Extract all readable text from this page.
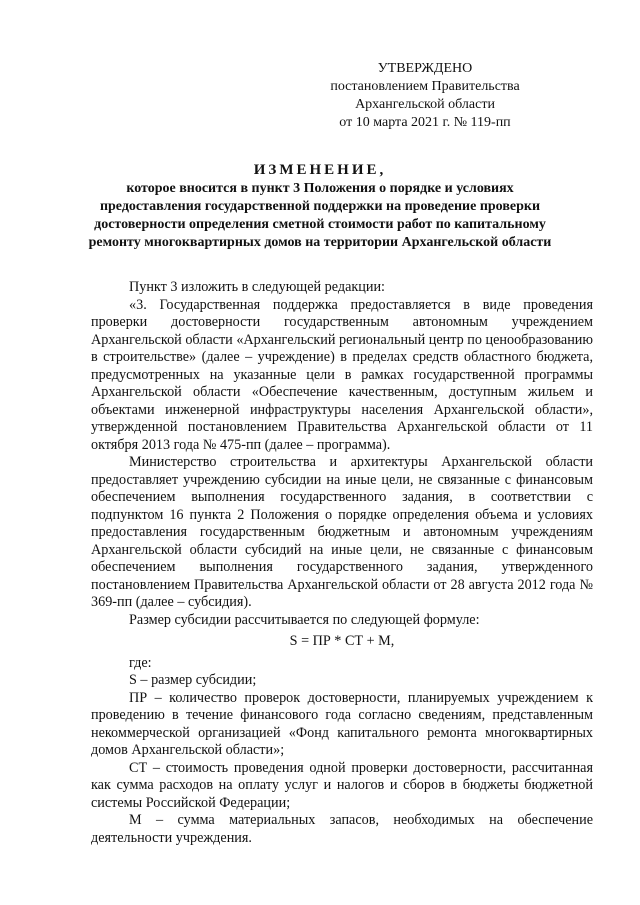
УТВЕРЖДЕНО
постановлением Правительства
Архангельской области
от 10 марта 2021 г. № 119-пп
ИЗМЕНЕНИЕ,
которое вносится в пункт 3 Положения о порядке и условиях
предоставления государственной поддержки на проведение проверки
достоверности определения сметной стоимости работ по капитальному
ремонту многоквартирных домов на территории Архангельской области

Пункт 3 изложить в следующей редакции:

«3. Государственная поддержка предоставляется в виде проведения проверки достоверности государственным автономным учреждением Архангельской области «Архангельский региональный центр по ценообразованию в строительстве» (далее – учреждение) в пределах средств областного бюджета, предусмотренных на указанные цели в рамках государственной программы Архангельской области «Обеспечение качественным, доступным жильем и объектами инженерной инфраструктуры населения Архангельской области», утвержденной постановлением Правительства Архангельской области от 11 октября 2013 года № 475-пп (далее – программа).

Министерство строительства и архитектуры Архангельской области предоставляет учреждению субсидии на иные цели, не связанные с финансовым обеспечением выполнения государственного задания, в соответствии с подпунктом 16 пункта 2 Положения о порядке определения объема и условиях предоставления государственным бюджетным и автономным учреждениям Архангельской области субсидий на иные цели, не связанные с финансовым обеспечением выполнения государственного задания, утвержденного постановлением Правительства Архангельской области от 28 августа 2012 года № 369-пп (далее – субсидия).

Размер субсидии рассчитывается по следующей формуле:

S = ПР * СТ + М,

где:

S – размер субсидии;

ПР – количество проверок достоверности, планируемых учреждением к проведению в течение финансового года согласно сведениям, представленным некоммерческой организацией «Фонд капитального ремонта многоквартирных домов Архангельской области»;

СТ – стоимость проведения одной проверки достоверности, рассчитанная как сумма расходов на оплату услуг и налогов и сборов в бюджеты бюджетной системы Российской Федерации;

М – сумма материальных запасов, необходимых на обеспечение деятельности учреждения.
